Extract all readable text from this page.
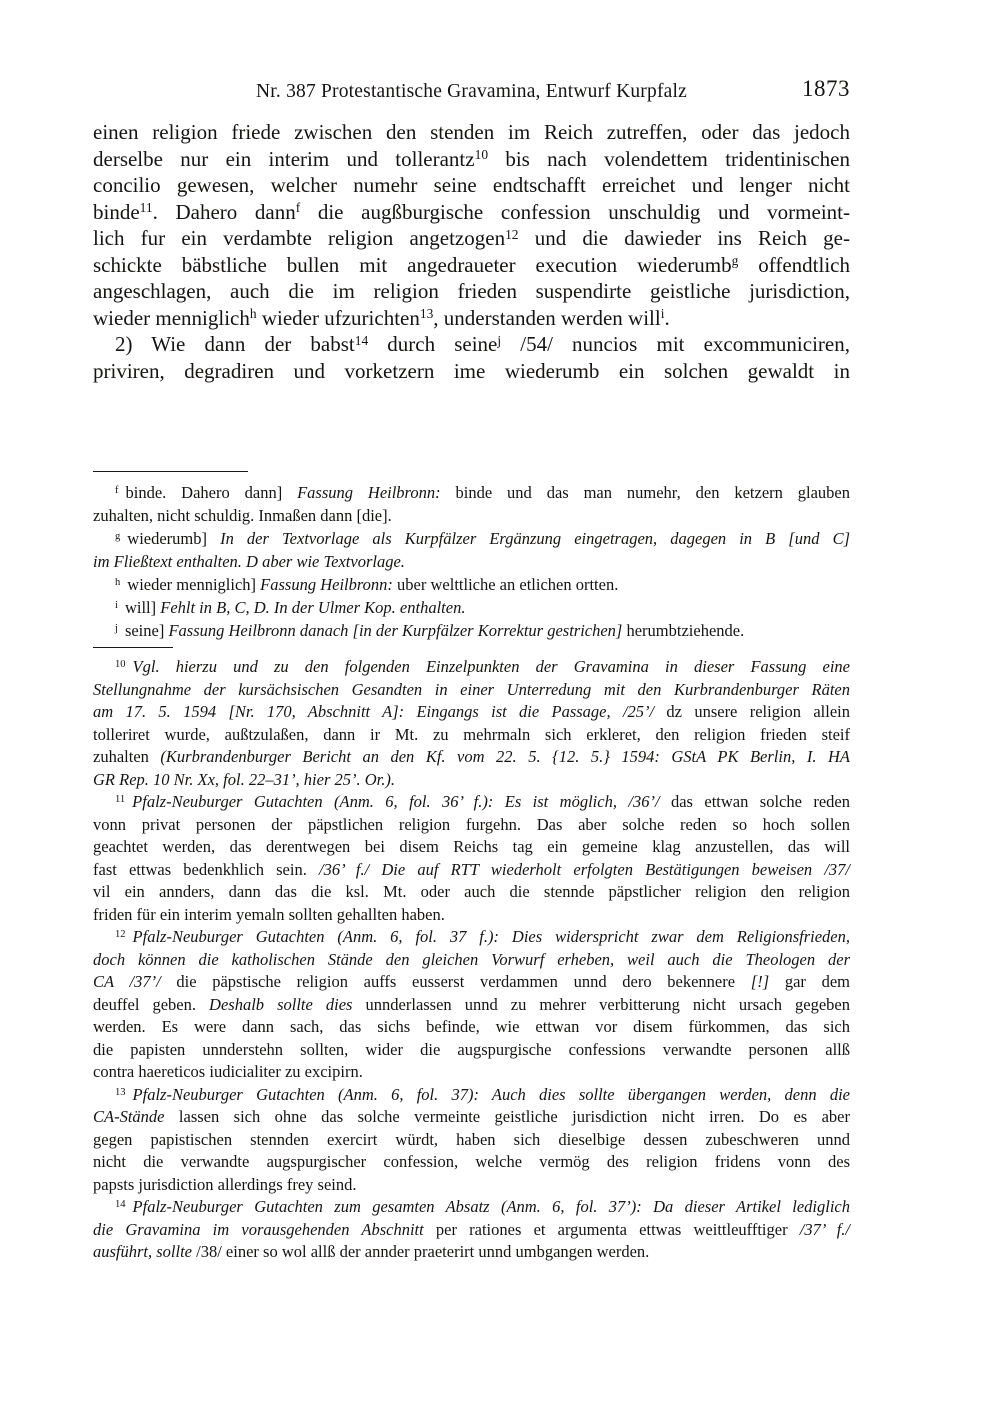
Nr. 387 Protestantische Gravamina, Entwurf Kurpfalz	1873
einen religion friede zwischen den stenden im Reich zutreffen, oder das jedoch
derselbe nur ein interim und tollerantz$^{10}$ bis nach volendettem tridentinischen
concilio gewesen, welcher numehr seine endtschafft erreichet und lenger nicht
binde$^{11}$. Dahero dann$^f$ die augßburgische confession unschuldig und vormeint-
lich fur ein verdambte religion angetzogen$^{12}$ und die dawieder ins Reich ge-
schickte bäbstliche bullen mit angedraueter execution wiederumb$^g$ offendtlich
angeschlagen, auch die im religion frieden suspendirte geistliche jurisdiction,
wieder menniglich$^h$ wieder ufzurichten$^{13}$, understanden werden will$^i$.
2) Wie dann der babst$^{14}$ durch seine$^j$ /54/ nuncios mit excommuniciren,
priviren, degradiren und vorketzern ime wiederumb ein solchen gewaldt in
$^f$ binde. Dahero dann] Fassung Heilbronn: binde und das man numehr, den ketzern glauben
zuhalten, nicht schuldig. Inmaßen dann [die].
$^g$ wiederumb] In der Textvorlage als Kurpfälzer Ergänzung eingetragen, dagegen in B [und C]
im Fließtext enthalten. D aber wie Textvorlage.
$^h$ wieder menniglich] Fassung Heilbronn: uber welttliche an etlichen ortten.
$^i$ will] Fehlt in B, C, D. In der Ulmer Kop. enthalten.
$^j$ seine] Fassung Heilbronn danach [in der Kurpfälzer Korrektur gestrichen] herumbtziehende.
$^{10}$ Vgl. hierzu und zu den folgenden Einzelpunkten der Gravamina in dieser Fassung eine
Stellungnahme der kursächsischen Gesandten in einer Unterredung mit den Kurbrandenburger Räten
am 17. 5. 1594 [Nr. 170, Abschnitt A]: Eingangs ist die Passage, /25’/ dz unsere religion allein
tolleriret wurde, außtzulaßen, dann ir Mt. zu mehrmaln sich erkleret, den religion frieden steif
zuhalten (Kurbrandenburger Bericht an den Kf. vom 22. 5. {12. 5.} 1594: GStA PK Berlin, I. HA
GR Rep. 10 Nr. Xx, fol. 22–31’, hier 25’. Or.).
$^{11}$ Pfalz-Neuburger Gutachten (Anm. 6, fol. 36’ f.): Es ist möglich, /36’/ das ettwan solche reden
vonn privat personen der päpstlichen religion furgehn. Das aber solche reden so hoch sollen
geachtet werden, das derentwegen bei disem Reichs tag ein gemeine klag anzustellen, das will
fast ettwas bedenkhlich sein. /36’ f./ Die auf RTT wiederholt erfolgten Bestätigungen beweisen /37/
vil ein annders, dann das die ksl. Mt. oder auch die stennde päpstlicher religion den religion
friden für ein interim yemaln sollten gehallten haben.
$^{12}$ Pfalz-Neuburger Gutachten (Anm. 6, fol. 37 f.): Dies widerspricht zwar dem Religionsfrieden,
doch können die katholischen Stände den gleichen Vorwurf erheben, weil auch die Theologen der
CA /37’/ die päpstische religion auffs eusserst verdammen unnd dero bekennere [!] gar dem
deuffel geben. Deshalb sollte dies unnderlassen unnd zu mehrer verbitterung nicht ursach gegeben
werden. Es were dann sach, das sichs befinde, wie ettwan vor disem fürkommen, das sich
die papisten unnderstehn sollten, wider die augspurgische confessions verwandte personen allß
contra haereticos iudicialiter zu excipirn.
$^{13}$ Pfalz-Neuburger Gutachten (Anm. 6, fol. 37): Auch dies sollte übergangen werden, denn die
CA-Stände lassen sich ohne das solche vermeinte geistliche jurisdiction nicht irren. Do es aber
gegen papistischen stennden exercirt würdt, haben sich dieselbige dessen zubeschweren unnd
nicht die verwandte augspurgischer confession, welche vermög des religion fridens vonn des
papsts jurisdiction allerdings frey seind.
$^{14}$ Pfalz-Neuburger Gutachten zum gesamten Absatz (Anm. 6, fol. 37’): Da dieser Artikel lediglich
die Gravamina im vorausgehenden Abschnitt per rationes et argumenta ettwas weittleufftiger /37’ f./
ausführt, sollte /38/ einer so wol allß der annder praeterirt unnd umbgangen werden.
